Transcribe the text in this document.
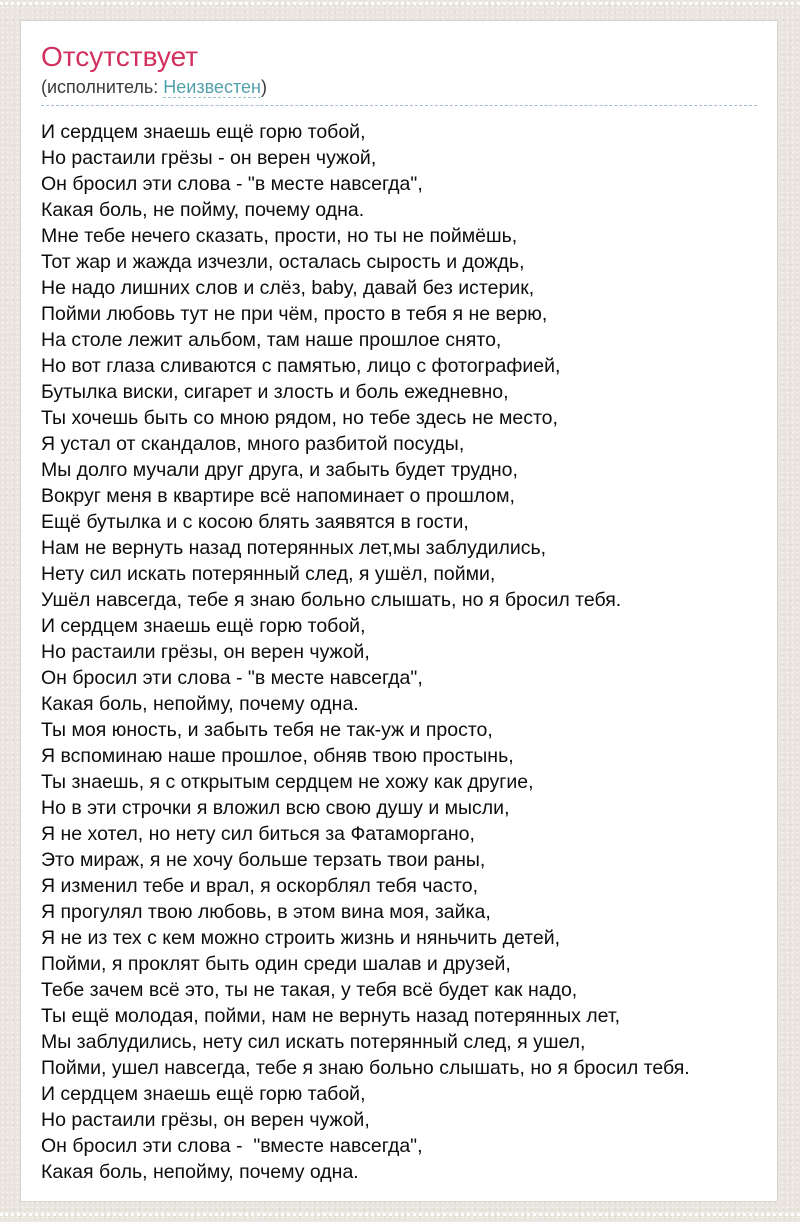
Отсутствует
(исполнитель: Неизвестен)
И сердцем знаешь ещё горю тобой,
Но растаили грёзы - он верен чужой,
Он бросил эти слова - "в месте навсегда",
Какая боль, не пойму, почему одна.
Мне тебе нечего сказать, прости, но ты не поймёшь,
Тот жар и жажда изчезли, осталась сырость и дождь,
Не надо лишних слов и слёз, baby, давай без истерик,
Пойми любовь тут не при чём, просто в тебя я не верю,
На столе лежит альбом, там наше прошлое снято,
Но вот глаза сливаются с памятью, лицо с фотографией,
Бутылка виски, сигарет и злость и боль ежедневно,
Ты хочешь быть со мною рядом, но тебе здесь не место,
Я устал от скандалов, много разбитой посуды,
Мы долго мучали друг друга, и забыть будет трудно,
Вокруг меня в квартире всё напоминает о прошлом,
Ещё бутылка и с косою блять заявятся в гости,
Нам не вернуть назад потерянных лет,мы заблудились,
Нету сил искать потерянный след, я ушёл, пойми,
Ушёл навсегда, тебе я знаю больно слышать, но я бросил тебя.
И сердцем знаешь ещё горю тобой,
Но растаили грёзы, он верен чужой,
Он бросил эти слова - "в месте навсегда",
Какая боль, непойму, почему одна.
Ты моя юность, и забыть тебя не так-уж и просто,
Я вспоминаю наше прошлое, обняв твою простынь,
Ты знаешь, я с открытым сердцем не хожу как другие,
Но в эти строчки я вложил всю свою душу и мысли,
Я не хотел, но нету сил биться за Фатаморгано,
Это мираж, я не хочу больше терзать твои раны,
Я изменил тебе и врал, я оскорблял тебя часто,
Я прогулял твою любовь, в этом вина моя, зайка,
Я не из тех с кем можно строить жизнь и няньчить детей,
Пойми, я проклят быть один среди шалав и друзей,
Тебе зачем всё это, ты не такая, у тебя всё будет как надо,
Ты ещё молодая, пойми, нам не вернуть назад потерянных лет,
Мы заблудились, нету сил искать потерянный след, я ушел,
Пойми, ушел навсегда, тебе я знаю больно слышать, но я бросил тебя.
И сердцем знаешь ещё горю табой,
Но растаили грёзы, он верен чужой,
Он бросил эти слова -  "вместе навсегда",
Какая боль, непойму, почему одна.
